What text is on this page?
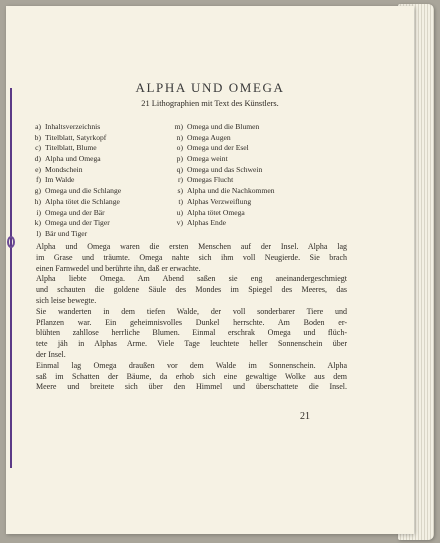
ALPHA UND OMEGA
21 Lithographien mit Text des Künstlers.
a) Inhaltsverzeichnis
b) Titelblatt, Satyrkopf
c) Titelblatt, Blume
d) Alpha und Omega
e) Mondschein
f) Im Walde
g) Omega und die Schlange
h) Alpha tötet die Schlange
i) Omega und der Bär
k) Omega und der Tiger
l) Bär und Tiger
m) Omega und die Blumen
n) Omega Augen
o) Omega und der Esel
p) Omega weint
q) Omega und das Schwein
r) Omegas Flucht
s) Alpha und die Nachkommen
t) Alphas Verzweiflung
u) Alpha tötet Omega
v) Alphas Ende
Alpha und Omega waren die ersten Menschen auf der Insel. Alpha lag
im Grase und träumte. Omega nahte sich ihm voll Neugierde. Sie brach
einen Farnwedel und berührte ihn, daß er erwachte.
Alpha liebte Omega. Am Abend saßen sie eng aneinandergeschmiegt
und schauten die goldene Säule des Mondes im Spiegel des Meeres, das
sich leise bewegte.
Sie wanderten in dem tiefen Walde, der voll sonderbarer Tiere und
Pflanzen war. Ein geheimnisvolles Dunkel herrschte. Am Boden er-
blühten zahllose herrliche Blumen. Einmal erschrak Omega und flüch-
tete jäh in Alphas Arme. Viele Tage leuchtete heller Sonnenschein über
der Insel.
Einmal lag Omega draußen vor dem Walde im Sonnenschein. Alpha
saß im Schatten der Bäume, da erhob sich eine gewaltige Wolke aus dem
Meere und breitete sich über den Himmel und überschattete die Insel.
21
